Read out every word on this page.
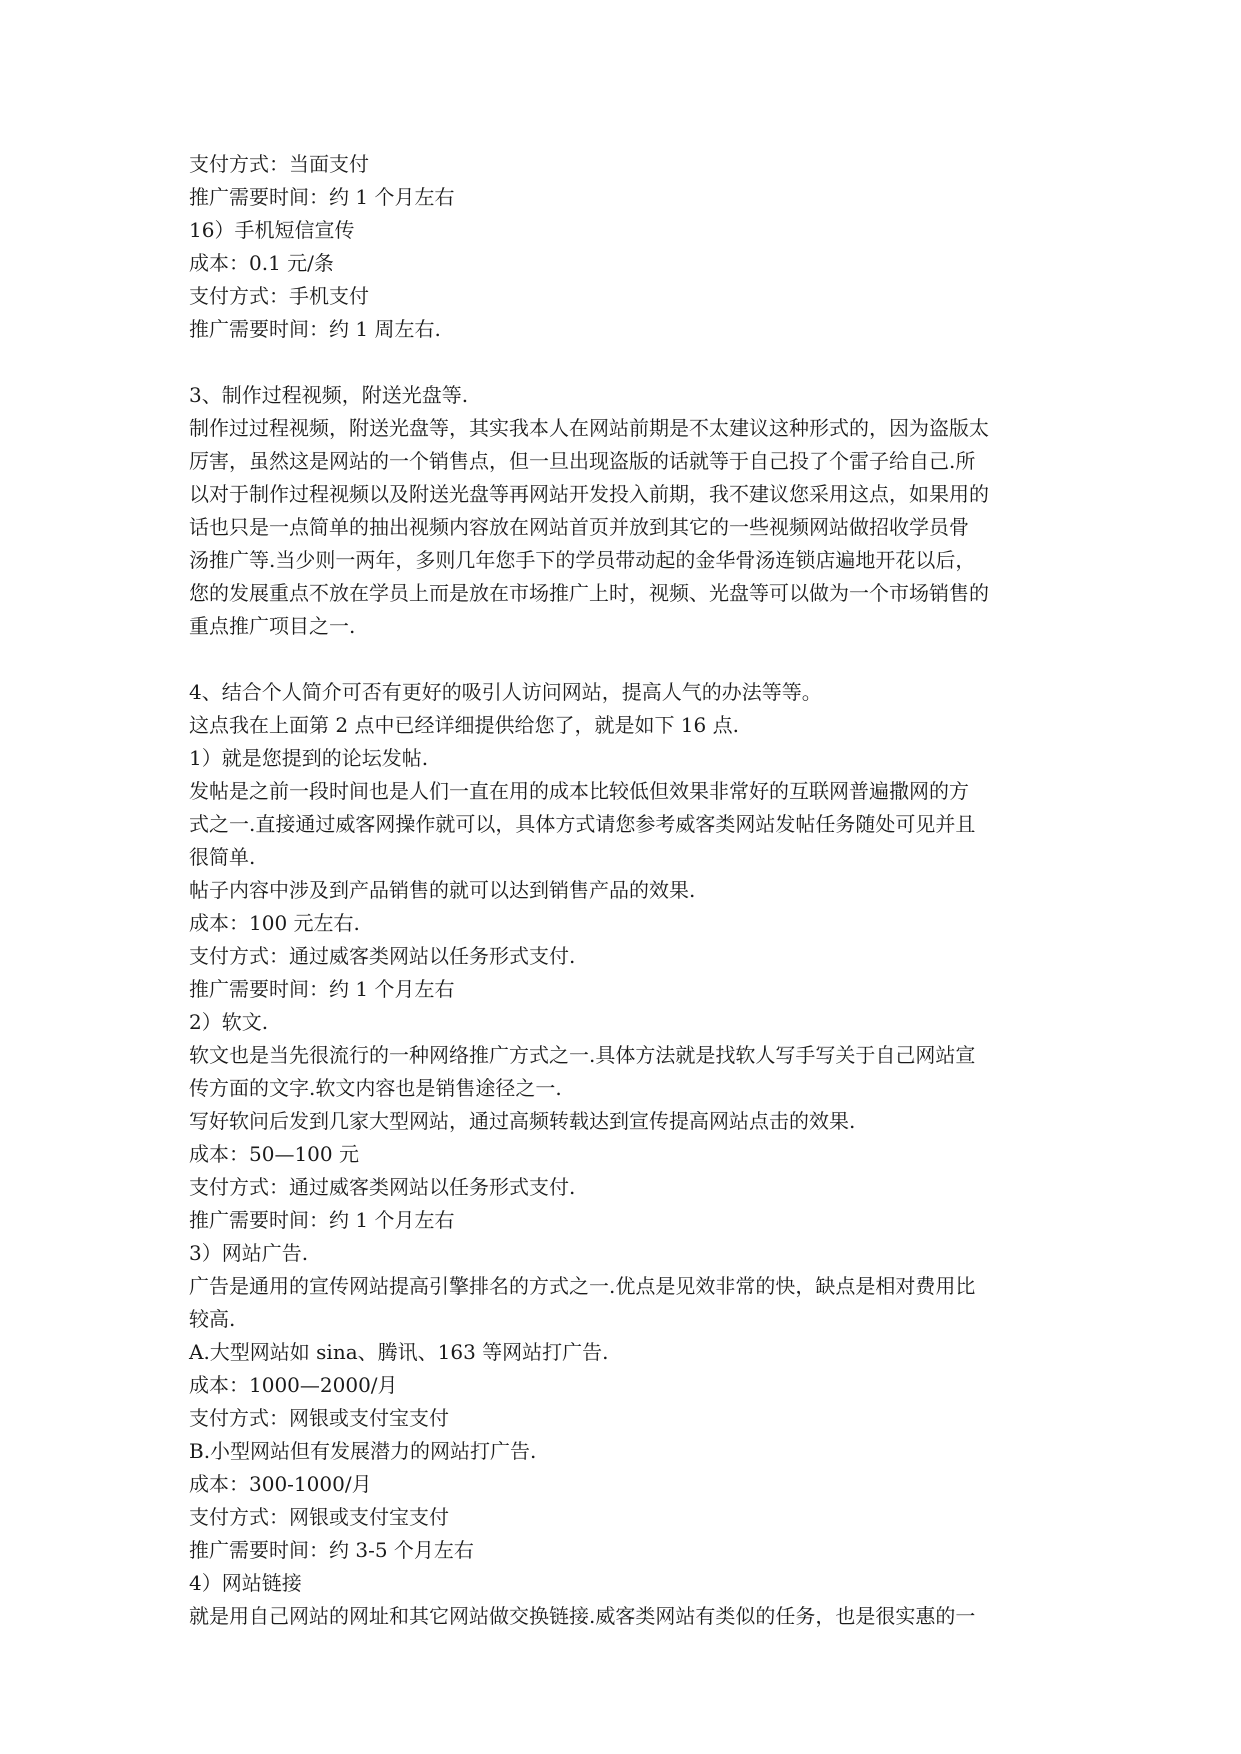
支付方式：当面支付

推广需要时间：约 1 个月左右

16）手机短信宣传

成本：0.1 元/条

支付方式：手机支付

推广需要时间：约 1 周左右.

3、制作过程视频，附送光盘等.

制作过过程视频，附送光盘等，其实我本人在网站前期是不太建议这种形式的，因为盗版太

厉害，虽然这是网站的一个销售点，但一旦出现盗版的话就等于自己投了个雷子给自己.所

以对于制作过程视频以及附送光盘等再网站开发投入前期，我不建议您采用这点，如果用的

话也只是一点简单的抽出视频内容放在网站首页并放到其它的一些视频网站做招收学员骨

汤推广等.当少则一两年，多则几年您手下的学员带动起的金华骨汤连锁店遍地开花以后，

您的发展重点不放在学员上而是放在市场推广上时，视频、光盘等可以做为一个市场销售的

重点推广项目之一.

4、结合个人简介可否有更好的吸引人访问网站，提高人气的办法等等。

这点我在上面第 2 点中已经详细提供给您了，就是如下 16 点.

1）就是您提到的论坛发帖.

发帖是之前一段时间也是人们一直在用的成本比较低但效果非常好的互联网普遍撒网的方

式之一.直接通过威客网操作就可以，具体方式请您参考威客类网站发帖任务随处可见并且

很简单.

帖子内容中涉及到产品销售的就可以达到销售产品的效果.

成本：100 元左右.

支付方式：通过威客类网站以任务形式支付.

推广需要时间：约 1 个月左右

2）软文.

软文也是当先很流行的一种网络推广方式之一.具体方法就是找软人写手写关于自己网站宣

传方面的文字.软文内容也是销售途径之一.

写好软问后发到几家大型网站，通过高频转载达到宣传提高网站点击的效果.

成本：50—100 元

支付方式：通过威客类网站以任务形式支付.

推广需要时间：约 1 个月左右

3）网站广告.

广告是通用的宣传网站提高引擎排名的方式之一.优点是见效非常的快，缺点是相对费用比

较高.

A.大型网站如 sina、腾讯、163 等网站打广告.

成本：1000—2000/月

支付方式：网银或支付宝支付

B.小型网站但有发展潜力的网站打广告.

成本：300-1000/月

支付方式：网银或支付宝支付

推广需要时间：约 3-5 个月左右

4）网站链接

就是用自己网站的网址和其它网站做交换链接.威客类网站有类似的任务，也是很实惠的一
